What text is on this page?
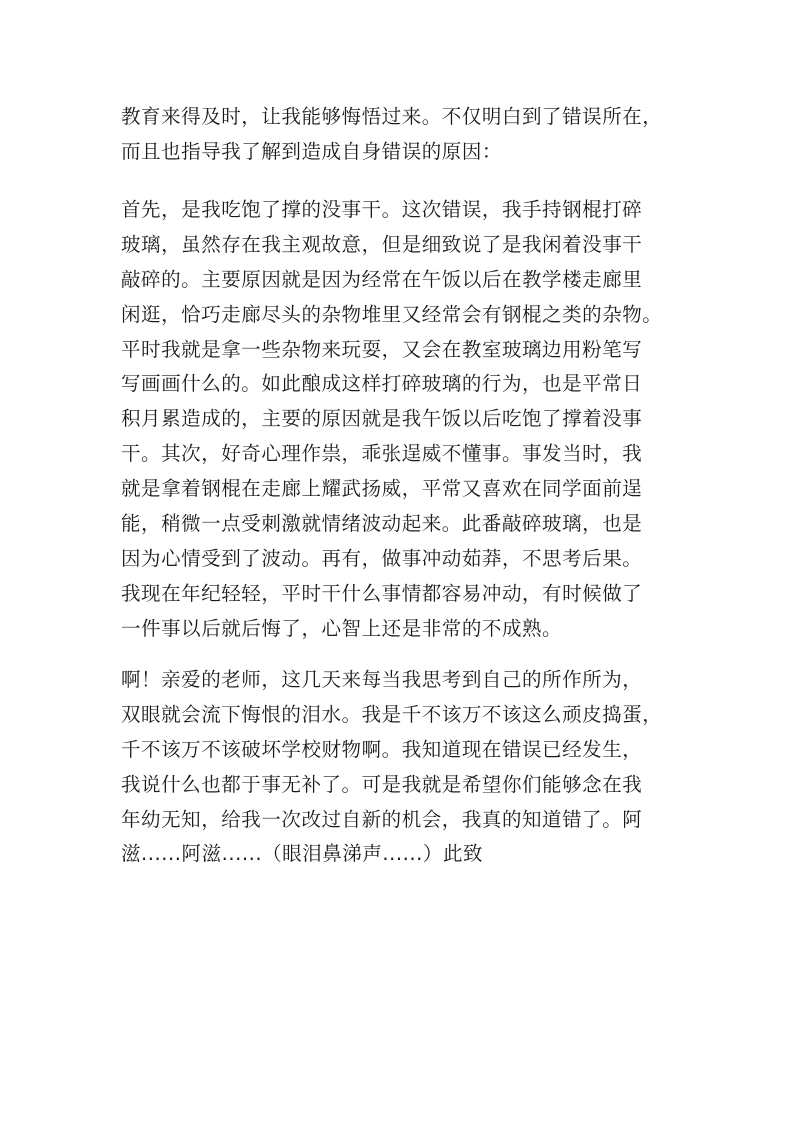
教育来得及时，让我能够悔悟过来。不仅明白到了错误所在，
而且也指导我了解到造成自身错误的原因：

首先，是我吃饱了撑的没事干。这次错误，我手持钢棍打碎
玻璃，虽然存在我主观故意，但是细致说了是我闲着没事干
敲碎的。主要原因就是因为经常在午饭以后在教学楼走廊里
闲逛，恰巧走廊尽头的杂物堆里又经常会有钢棍之类的杂物。
平时我就是拿一些杂物来玩耍，又会在教室玻璃边用粉笔写
写画画什么的。如此酿成这样打碎玻璃的行为，也是平常日
积月累造成的，主要的原因就是我午饭以后吃饱了撑着没事
干。其次，好奇心理作祟，乖张逞威不懂事。事发当时，我
就是拿着钢棍在走廊上耀武扬威，平常又喜欢在同学面前逞
能，稍微一点受刺激就情绪波动起来。此番敲碎玻璃，也是
因为心情受到了波动。再有，做事冲动茹莽，不思考后果。
我现在年纪轻轻，平时干什么事情都容易冲动，有时候做了
一件事以后就后悔了，心智上还是非常的不成熟。

啊！亲爱的老师，这几天来每当我思考到自己的所作所为，
双眼就会流下悔恨的泪水。我是千不该万不该这么顽皮捣蛋，
千不该万不该破坏学校财物啊。我知道现在错误已经发生，
我说什么也都于事无补了。可是我就是希望你们能够念在我
年幼无知，给我一次改过自新的机会，我真的知道错了。阿
滋......阿滋......（眼泪鼻涕声......）此致
